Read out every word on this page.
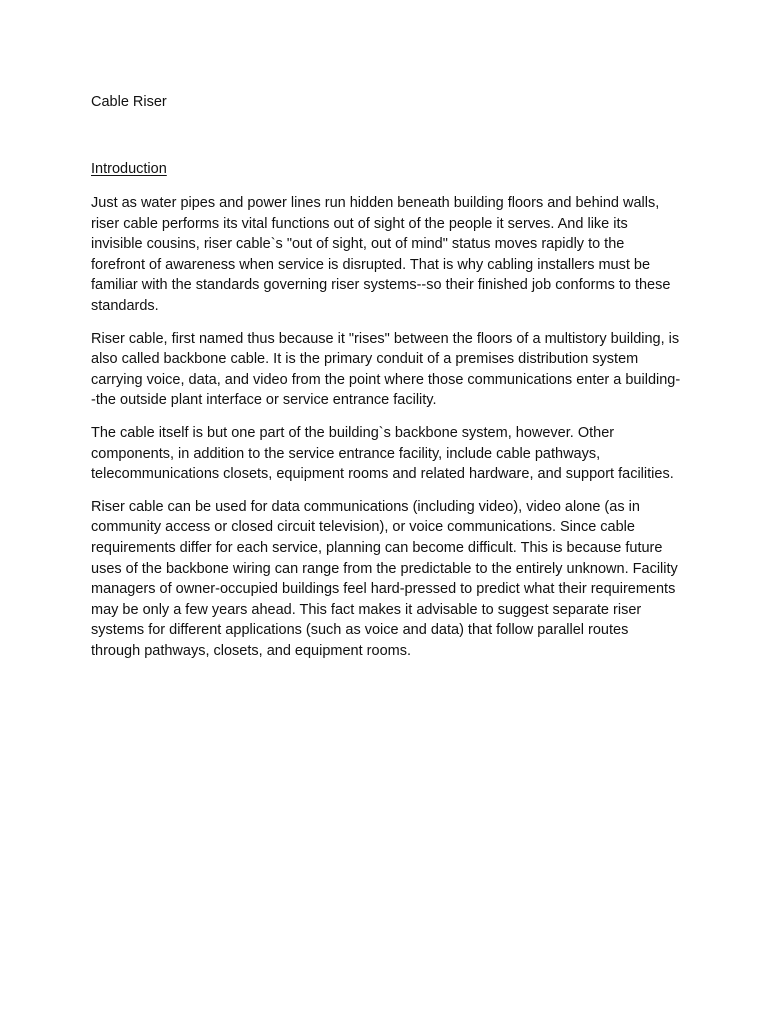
Cable Riser
Introduction

Just as water pipes and power lines run hidden beneath building floors and behind walls, riser cable performs its vital functions out of sight of the people it serves. And like its invisible cousins, riser cable`s "out of sight, out of mind" status moves rapidly to the forefront of awareness when service is disrupted. That is why cabling installers must be familiar with the standards governing riser systems--so their finished job conforms to these standards.

Riser cable, first named thus because it "rises" between the floors of a multistory building, is also called backbone cable. It is the primary conduit of a premises distribution system carrying voice, data, and video from the point where those communications enter a building--the outside plant interface or service entrance facility.

The cable itself is but one part of the building`s backbone system, however. Other components, in addition to the service entrance facility, include cable pathways, telecommunications closets, equipment rooms and related hardware, and support facilities.

Riser cable can be used for data communications (including video), video alone (as in community access or closed circuit television), or voice communications. Since cable requirements differ for each service, planning can become difficult. This is because future uses of the backbone wiring can range from the predictable to the entirely unknown. Facility managers of owner-occupied buildings feel hard-pressed to predict what their requirements may be only a few years ahead. This fact makes it advisable to suggest separate riser systems for different applications (such as voice and data) that follow parallel routes through pathways, closets, and equipment rooms.
